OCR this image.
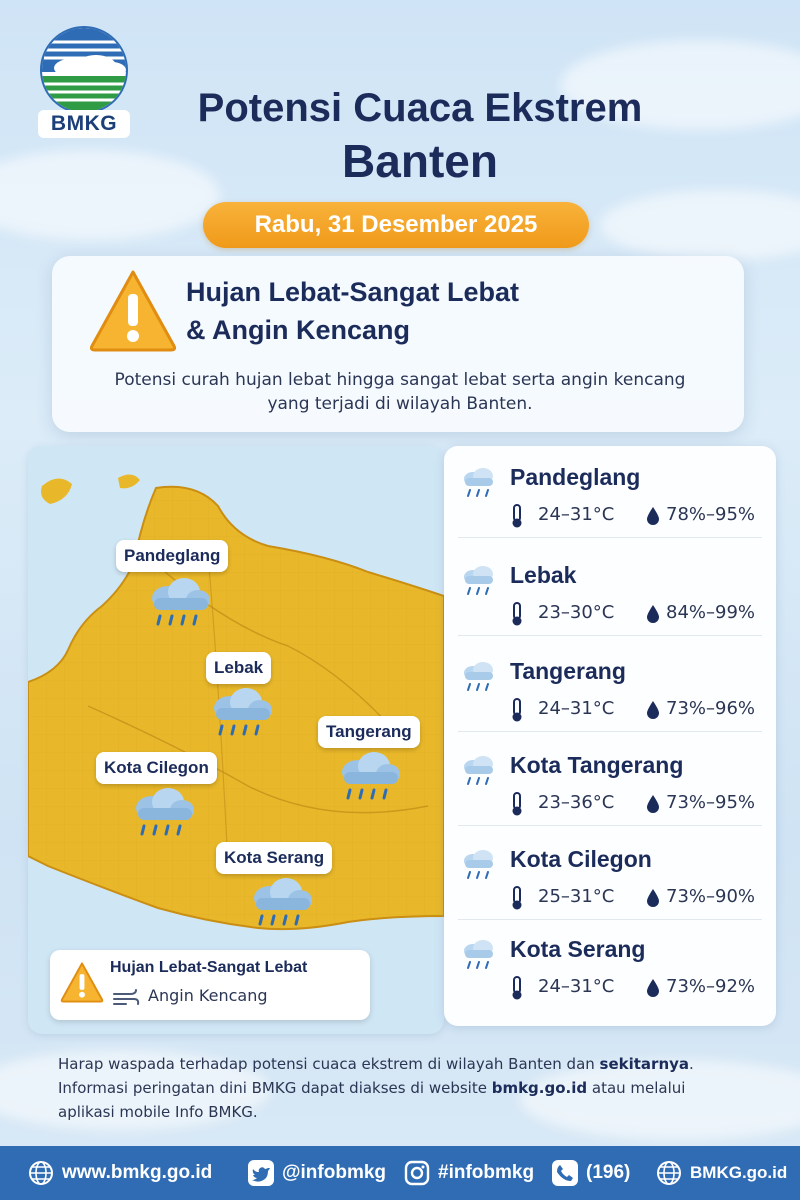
BMKG	Potensi Cuaca Ekstrem
Banten
Rabu, 31 Desember 2025
Hujan Lebat-Sangat Lebat
& Angin Kencang
Potensi curah hujan lebat hingga sangat lebat serta angin kencang
yang terjadi di wilayah Banten.
Pandeglang
Lebak
Tangerang
Kota Cilegon
Kota Serang
Hujan Lebat-Sangat Lebat
Angin Kencang
Pandeglang
24–31°C	78%–95%
Lebak
23–30°C	84%–99%
Tangerang
24–31°C	73%–96%
Kota Tangerang
23–36°C	73%–95%
Kota Cilegon
25–31°C	73%–90%
Kota Serang
24–31°C	73%–92%
Harap waspada terhadap potensi cuaca ekstrem di wilayah Banten dan sekitarnya.
Informasi peringatan dini BMKG dapat diakses di website bmkg.go.id atau melalui
aplikasi mobile Info BMKG.
www.bmkg.go.id	@infobmkg	#infobmkg	(196)	BMKG.go.id
